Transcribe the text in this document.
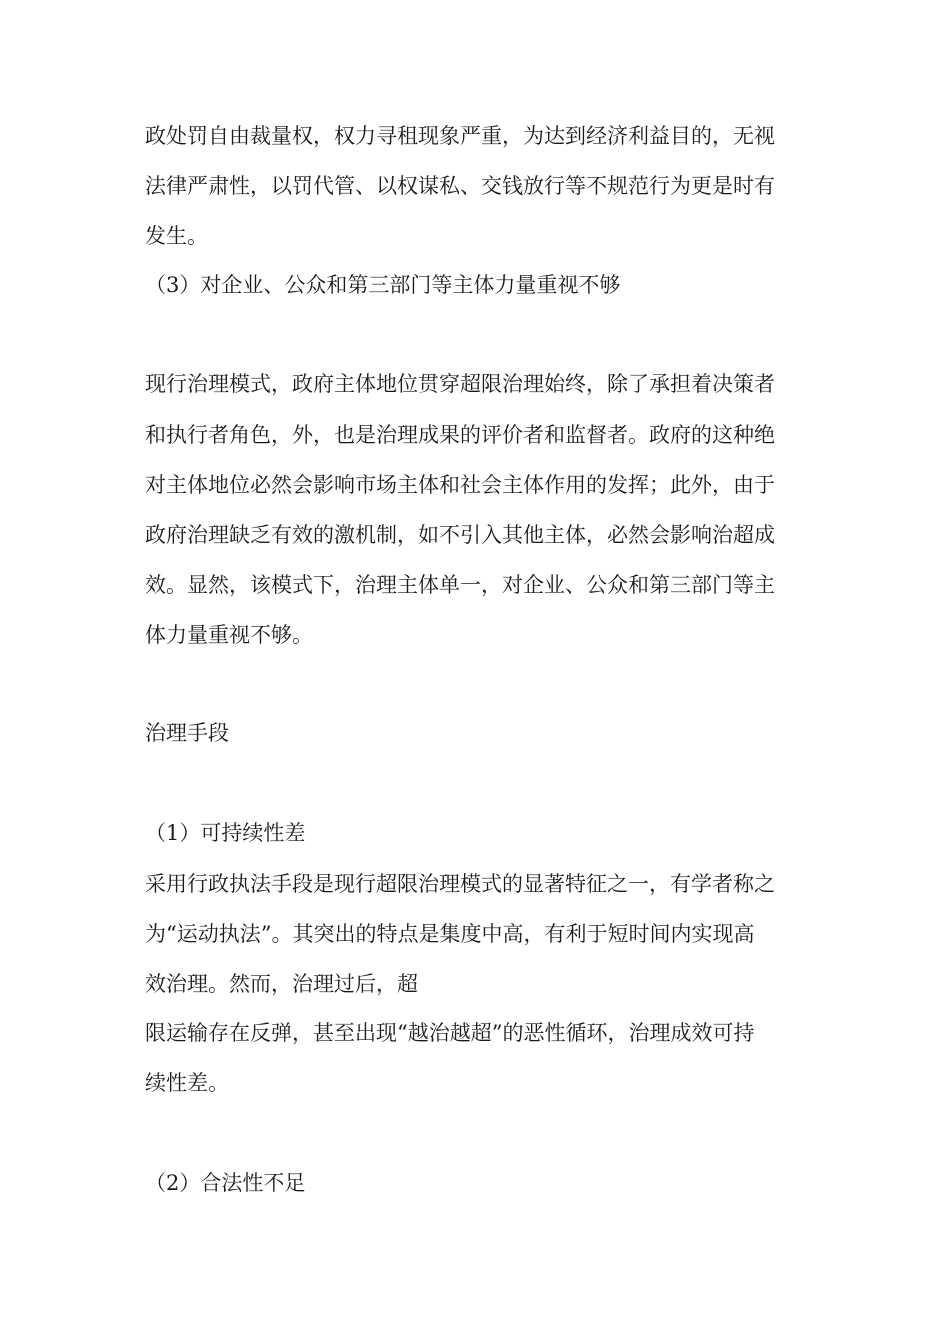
政处罚自由裁量权，权力寻租现象严重，为达到经济利益目的，无视
法律严肃性，以罚代管、以权谋私、交钱放行等不规范行为更是时有
发生。
（3）对企业、公众和第三部门等主体力量重视不够
现行治理模式，政府主体地位贯穿超限治理始终，除了承担着决策者
和执行者角色，外，也是治理成果的评价者和监督者。政府的这种绝
对主体地位必然会影响市场主体和社会主体作用的发挥；此外，由于
政府治理缺乏有效的激机制，如不引入其他主体，必然会影响治超成
效。显然，该模式下，治理主体单一，对企业、公众和第三部门等主
体力量重视不够。
治理手段
（1）可持续性差
采用行政执法手段是现行超限治理模式的显著特征之一，有学者称之
为“运动执法”。其突出的特点是集度中高，有利于短时间内实现高
效治理。然而，治理过后，超
限运输存在反弹，甚至出现“越治越超”的恶性循环，治理成效可持
续性差。
（2）合法性不足
